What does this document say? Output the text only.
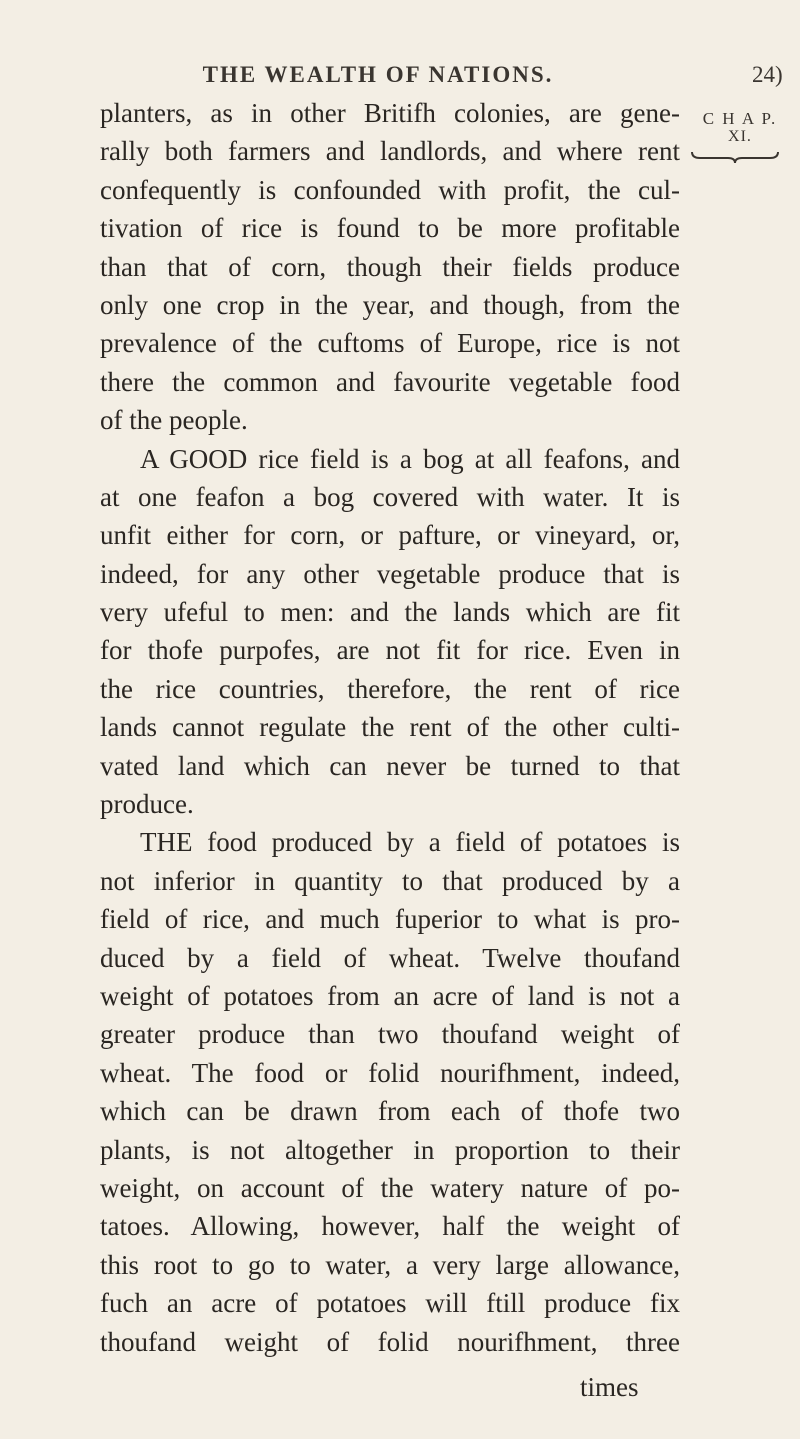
THE WEALTH OF NATIONS.	24)
C H A P.
XI.
planters, as in other Britifh colonies, are gene-
rally both farmers and landlords, and where rent
confequently is confounded with profit, the cul-
tivation of rice is found to be more profitable
than that of corn, though their fields produce
only one crop in the year, and though, from the
prevalence of the cuftoms of Europe, rice is not
there the common and favourite vegetable food
of the people.
A GOOD rice field is a bog at all feafons, and
at one feafon a bog covered with water. It is
unfit either for corn, or pafture, or vineyard, or,
indeed, for any other vegetable produce that is
very ufeful to men: and the lands which are fit
for thofe purpofes, are not fit for rice. Even in
the rice countries, therefore, the rent of rice
lands cannot regulate the rent of the other culti-
vated land which can never be turned to that
produce.
THE food produced by a field of potatoes is
not inferior in quantity to that produced by a
field of rice, and much fuperior to what is pro-
duced by a field of wheat. Twelve thoufand
weight of potatoes from an acre of land is not a
greater produce than two thoufand weight of
wheat. The food or folid nourifhment, indeed,
which can be drawn from each of thofe two
plants, is not altogether in proportion to their
weight, on account of the watery nature of po-
tatoes. Allowing, however, half the weight of
this root to go to water, a very large allowance,
fuch an acre of potatoes will ftill produce fix
thoufand weight of folid nourifhment, three
times
